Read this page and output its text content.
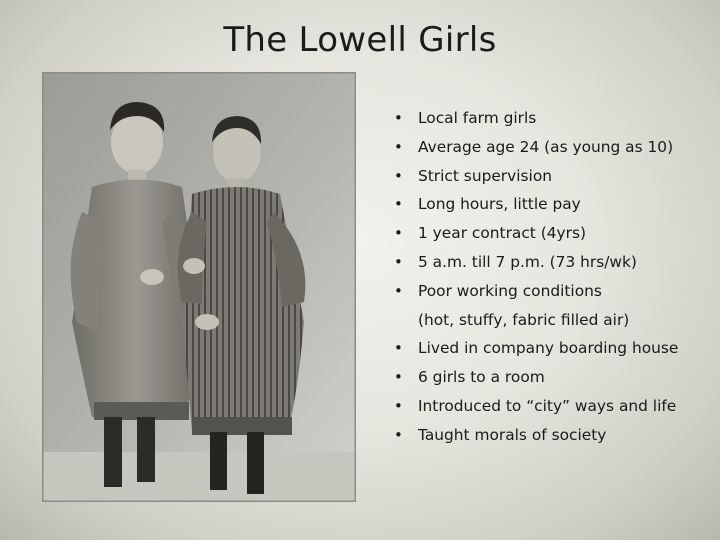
The Lowell Girls
• Local farm girls
• Average age 24 (as young as 10)
• Strict supervision
• Long hours, little pay
• 1 year contract (4yrs)
• 5 a.m. till 7 p.m. (73 hrs/wk)
• Poor working conditions
(hot, stuffy, fabric filled air)
• Lived in company boarding house
• 6 girls to a room
• Introduced to “city” ways and life
• Taught morals of society
